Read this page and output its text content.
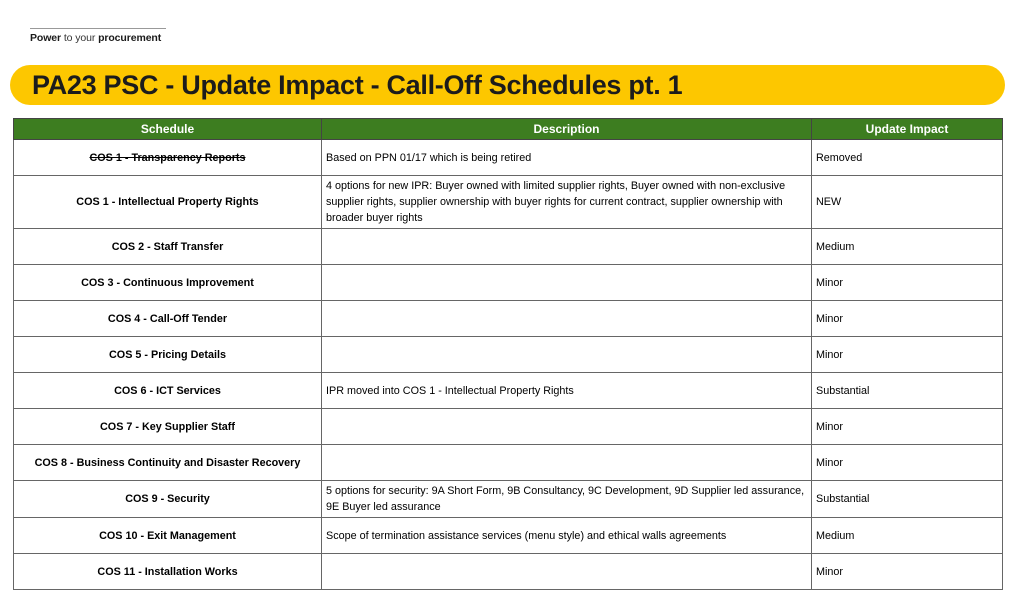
Power to your procurement
PA23 PSC - Update Impact - Call-Off Schedules pt. 1
Schedule	Description	Update Impact
COS 1 - Transparency Reports	Based on PPN 01/17 which is being retired	Removed
COS 1 - Intellectual Property Rights	4 options for new IPR: Buyer owned with limited supplier rights, Buyer owned with non-exclusive supplier rights, supplier ownership with buyer rights for current contract, supplier ownership with broader buyer rights	NEW
COS 2 - Staff Transfer		Medium
COS 3 - Continuous Improvement		Minor
COS 4 - Call-Off Tender		Minor
COS 5 - Pricing Details		Minor
COS 6 - ICT Services	IPR moved into COS 1 - Intellectual Property Rights	Substantial
COS 7 - Key Supplier Staff		Minor
COS 8 - Business Continuity and Disaster Recovery		Minor
COS 9 - Security	5 options for security: 9A Short Form, 9B Consultancy, 9C Development, 9D Supplier led assurance, 9E Buyer led assurance	Substantial
COS 10 - Exit Management	Scope of termination assistance services (menu style) and ethical walls agreements	Medium
COS 11 - Installation Works		Minor
